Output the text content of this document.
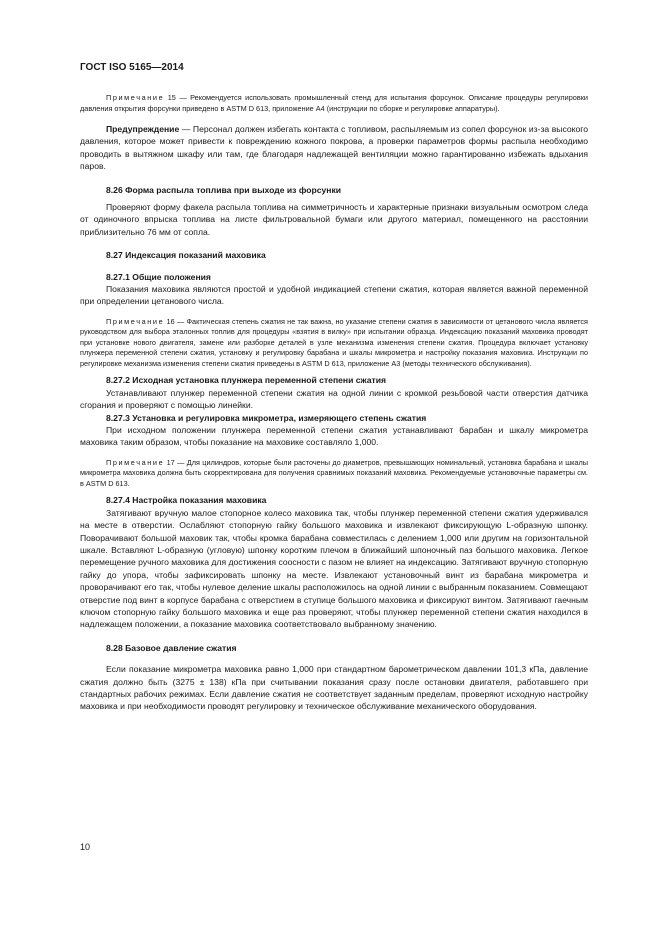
ГОСТ ISO 5165—2014

Примечание 15 — Рекомендуется использовать промышленный стенд для испытания форсунок. Описание процедуры регулировки давления открытия форсунки приведено в ASTM D 613, приложение А4 (инструкции по сборке и регулировке аппаратуры).

Предупреждение — Персонал должен избегать контакта с топливом, распыляемым из сопел форсунок из-за высокого давления, которое может привести к повреждению кожного покрова, а проверки параметров формы распыла необходимо проводить в вытяжном шкафу или там, где благодаря надлежащей вентиляции можно гарантированно избежать вдыхания паров.

8.26 Форма распыла топлива при выходе из форсунки

Проверяют форму факела распыла топлива на симметричность и характерные признаки визуальным осмотром следа от одиночного впрыска топлива на листе фильтровальной бумаги или другого материал, помещенного на расстоянии приблизительно 76 мм от сопла.

8.27 Индексация показаний маховика

8.27.1 Общие положения

Показания маховика являются простой и удобной индикацией степени сжатия, которая является важной переменной при определении цетанового числа.

Примечание 16 — Фактическая степень сжатия не так важна, но указание степени сжатия в зависимости от цетанового числа является руководством для выбора эталонных топлив для процедуры «взятия в вилку» при испытании образца. Индексацию показаний маховика проводят при установке нового двигателя, замене или разборке деталей в узле механизма изменения степени сжатия. Процедура включает установку плунжера переменной степени сжатия, установку и регулировку барабана и шкалы микрометра и настройку показания маховика. Инструкции по регулировке механизма изменения степени сжатия приведены в ASTM D 613, приложение А3 (методы технического обслуживания).

8.27.2 Исходная установка плунжера переменной степени сжатия

Устанавливают плунжер переменной степени сжатия на одной линии с кромкой резьбовой части отверстия датчика сгорания и проверяют с помощью линейки.

8.27.3 Установка и регулировка микрометра, измеряющего степень сжатия

При исходном положении плунжера переменной степени сжатия устанавливают барабан и шкалу микрометра маховика таким образом, чтобы показание на маховике составляло 1,000.

Примечание 17 — Для цилиндров, которые были расточены до диаметров, превышающих номинальный, установка барабана и шкалы микрометра маховика должна быть скорректирована для получения сравнимых показаний маховика. Рекомендуемые установочные параметры см. в ASTM D 613.

8.27.4 Настройка показания маховика

Затягивают вручную малое стопорное колесо маховика так, чтобы плунжер переменной степени сжатия удерживался на месте в отверстии. Ослабляют стопорную гайку большого маховика и извлекают фиксирующую L-образную шпонку. Поворачивают большой маховик так, чтобы кромка барабана совместилась с делением 1,000 или другим на горизонтальной шкале. Вставляют L-образную (угловую) шпонку коротким плечом в ближайший шпоночный паз большого маховика. Легкое перемещение ручного маховика для достижения соосности с пазом не влияет на индексацию. Затягивают вручную стопорную гайку до упора, чтобы зафиксировать шпонку на месте. Извлекают установочный винт из барабана микрометра и проворачивают его так, чтобы нулевое деление шкалы расположилось на одной линии с выбранным показанием. Совмещают отверстие под винт в корпусе барабана с отверстием в ступице большого маховика и фиксируют винтом. Затягивают гаечным ключом стопорную гайку большого маховика и еще раз проверяют, чтобы плунжер переменной степени сжатия находился в надлежащем положении, а показание маховика соответствовало выбранному значению.

8.28 Базовое давление сжатия

Если показание микрометра маховика равно 1,000 при стандартном барометрическом давлении 101,3 кПа, давление сжатия должно быть (3275 ± 138) кПа при считывании показания сразу после остановки двигателя, работавшего при стандартных рабочих режимах. Если давление сжатия не соответствует заданным пределам, проверяют исходную настройку маховика и при необходимости проводят регулировку и техническое обслуживание механического оборудования.

10
